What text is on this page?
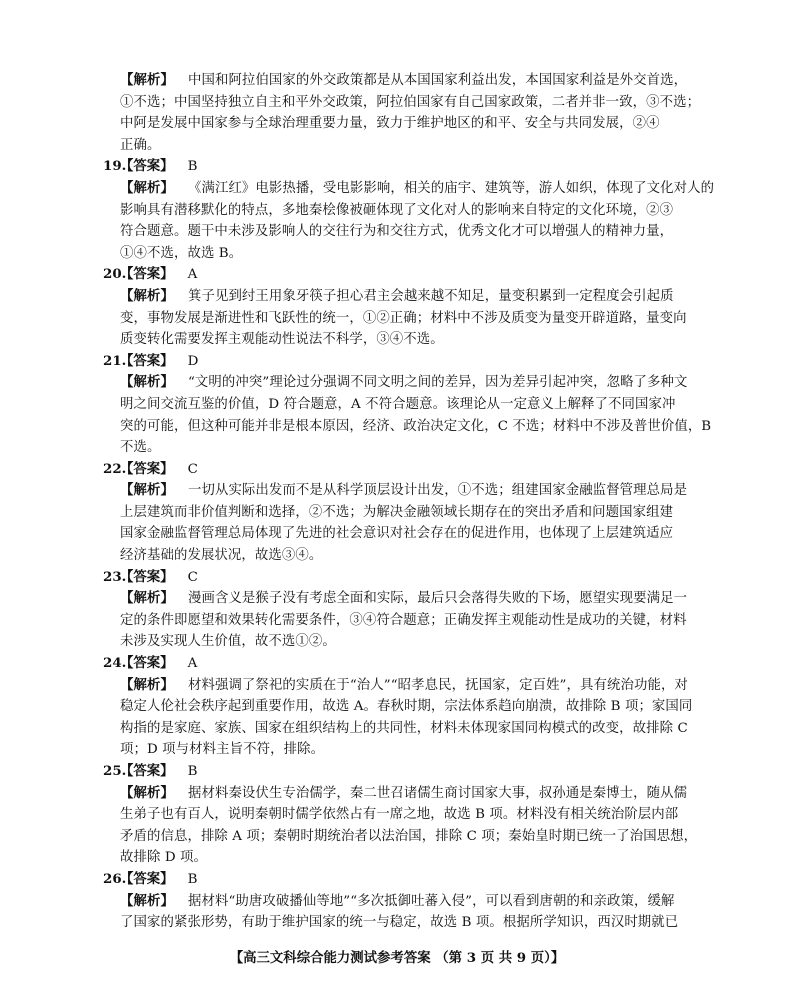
【解析】 中国和阿拉伯国家的外交政策都是从本国国家利益出发，本国国家利益是外交首选，
①不选；中国坚持独立自主和平外交政策，阿拉伯国家有自己国家政策，二者并非一致，③不选；
中阿是发展中国家参与全球治理重要力量，致力于维护地区的和平、安全与共同发展，②④
正确。
19.【答案】 B
【解析】 《满江红》电影热播，受电影影响，相关的庙宇、建筑等，游人如织，体现了文化对人的
影响具有潜移默化的特点，多地秦桧像被砸体现了文化对人的影响来自特定的文化环境，②③
符合题意。题干中未涉及影响人的交往行为和交往方式，优秀文化才可以增强人的精神力量，
①④不选，故选 B。
20.【答案】 A
【解析】 箕子见到纣王用象牙筷子担心君主会越来越不知足，量变积累到一定程度会引起质
变，事物发展是渐进性和飞跃性的统一，①②正确；材料中不涉及质变为量变开辟道路，量变向
质变转化需要发挥主观能动性说法不科学，③④不选。
21.【答案】 D
【解析】 “文明的冲突”理论过分强调不同文明之间的差异，因为差异引起冲突，忽略了多种文
明之间交流互鉴的价值，D 符合题意，A 不符合题意。该理论从一定意义上解释了不同国家冲
突的可能，但这种可能并非是根本原因，经济、政治决定文化，C 不选；材料中不涉及普世价值，B
不选。
22.【答案】 C
【解析】 一切从实际出发而不是从科学顶层设计出发，①不选；组建国家金融监督管理总局是
上层建筑而非价值判断和选择，②不选；为解决金融领域长期存在的突出矛盾和问题国家组建
国家金融监督管理总局体现了先进的社会意识对社会存在的促进作用，也体现了上层建筑适应
经济基础的发展状况，故选③④。
23.【答案】 C
【解析】 漫画含义是猴子没有考虑全面和实际，最后只会落得失败的下场，愿望实现要满足一
定的条件即愿望和效果转化需要条件，③④符合题意；正确发挥主观能动性是成功的关键，材料
未涉及实现人生价值，故不选①②。
24.【答案】 A
【解析】 材料强调了祭祀的实质在于“治人”“昭孝息民，抚国家，定百姓”，具有统治功能，对
稳定人伦社会秩序起到重要作用，故选 A。春秋时期，宗法体系趋向崩溃，故排除 B 项；家国同
构指的是家庭、家族、国家在组织结构上的共同性，材料未体现家国同构模式的改变，故排除 C
项；D 项与材料主旨不符，排除。
25.【答案】 B
【解析】 据材料秦设伏生专治儒学，秦二世召诸儒生商讨国家大事，叔孙通是秦博士，随从儒
生弟子也有百人，说明秦朝时儒学依然占有一席之地，故选 B 项。材料没有相关统治阶层内部
矛盾的信息，排除 A 项；秦朝时期统治者以法治国，排除 C 项；秦始皇时期已统一了治国思想，
故排除 D 项。
26.【答案】 B
【解析】 据材料“助唐攻破播仙等地”“多次抵御吐蕃入侵”，可以看到唐朝的和亲政策，缓解
了国家的紧张形势，有助于维护国家的统一与稳定，故选 B 项。根据所学知识，西汉时期就已
【高三文科综合能力测试参考答案 （第 3 页 共 9 页）】
